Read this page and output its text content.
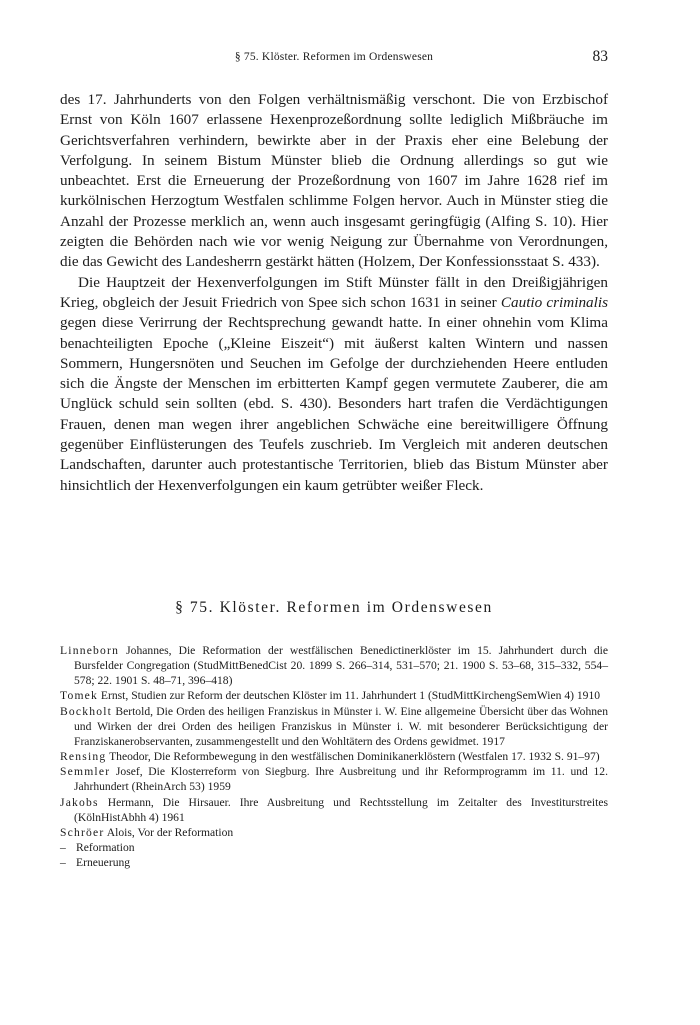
§ 75. Klöster. Reformen im Ordenswesen	83

des 17. Jahrhunderts von den Folgen verhältnismäßig verschont. Die von Erzbischof Ernst von Köln 1607 erlassene Hexenprozeßordnung sollte lediglich Mißbräuche im Gerichtsverfahren verhindern, bewirkte aber in der Praxis eher eine Belebung der Verfolgung. In seinem Bistum Münster blieb die Ordnung allerdings so gut wie unbeachtet. Erst die Erneuerung der Prozeßordnung von 1607 im Jahre 1628 rief im kurkölnischen Herzogtum Westfalen schlimme Folgen hervor. Auch in Münster stieg die Anzahl der Prozesse merklich an, wenn auch insgesamt geringfügig (Alfing S. 10). Hier zeigten die Behörden nach wie vor wenig Neigung zur Übernahme von Verordnungen, die das Gewicht des Landesherrn gestärkt hätten (Holzem, Der Konfessionsstaat S. 433).

Die Hauptzeit der Hexenverfolgungen im Stift Münster fällt in den Dreißigjährigen Krieg, obgleich der Jesuit Friedrich von Spee sich schon 1631 in seiner Cautio criminalis gegen diese Verirrung der Rechtsprechung gewandt hatte. In einer ohnehin vom Klima benachteiligten Epoche („Kleine Eiszeit“) mit äußerst kalten Wintern und nassen Sommern, Hungersnöten und Seuchen im Gefolge der durchziehenden Heere entluden sich die Ängste der Menschen im erbitterten Kampf gegen vermutete Zauberer, die am Unglück schuld sein sollten (ebd. S. 430). Besonders hart trafen die Verdächtigungen Frauen, denen man wegen ihrer angeblichen Schwäche eine bereitwilligere Öffnung gegenüber Einflüsterungen des Teufels zuschrieb. Im Vergleich mit anderen deutschen Landschaften, darunter auch protestantische Territorien, blieb das Bistum Münster aber hinsichtlich der Hexenverfolgungen ein kaum getrübter weißer Fleck.

§ 75. Klöster. Reformen im Ordenswesen
Linneborn Johannes, Die Reformation der westfälischen Benedictinerklöster im 15. Jahrhundert durch die Bursfelder Congregation (StudMittBenedCist 20. 1899 S. 266–314, 531–570; 21. 1900 S. 53–68, 315–332, 554–578; 22. 1901 S. 48–71, 396–418)
Tomek Ernst, Studien zur Reform der deutschen Klöster im 11. Jahrhundert 1 (StudMittKirchengSemWien 4) 1910
Bockholt Bertold, Die Orden des heiligen Franziskus in Münster i. W. Eine allgemeine Übersicht über das Wohnen und Wirken der drei Orden des heiligen Franziskus in Münster i. W. mit besonderer Berücksichtigung der Franziskanerobservanten, zusammengestellt und den Wohltätern des Ordens gewidmet. 1917
Rensing Theodor, Die Reformbewegung in den westfälischen Dominikanerklöstern (Westfalen 17. 1932 S. 91–97)
Semmler Josef, Die Klosterreform von Siegburg. Ihre Ausbreitung und ihr Reformprogramm im 11. und 12. Jahrhundert (RheinArch 53) 1959
Jakobs Hermann, Die Hirsauer. Ihre Ausbreitung und Rechtsstellung im Zeitalter des Investiturstreites (KölnHistAbhh 4) 1961
Schröer Alois, Vor der Reformation
– Reformation
– Erneuerung
